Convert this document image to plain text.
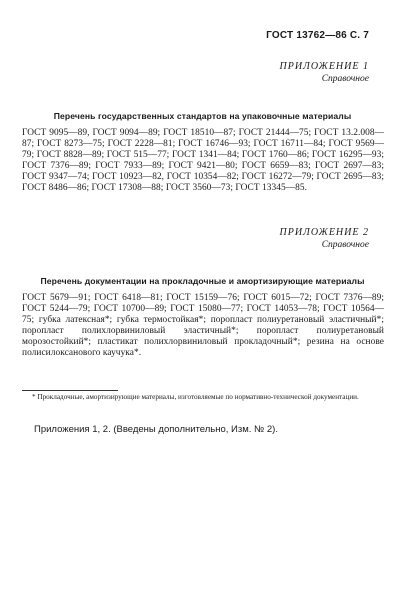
ГОСТ 13762—86 С. 7
ПРИЛОЖЕНИЕ 1
Справочное
Перечень государственных стандартов на упаковочные материалы
ГОСТ 9095—89, ГОСТ 9094—89; ГОСТ 18510—87; ГОСТ 21444—75; ГОСТ 13.2.008—87; ГОСТ 8273—75; ГОСТ 2228—81; ГОСТ 16746—93; ГОСТ 16711—84; ГОСТ 9569—79; ГОСТ 8828—89; ГОСТ 515—77; ГОСТ 1341—84; ГОСТ 1760—86; ГОСТ 16295—93; ГОСТ 7376—89; ГОСТ 7933—89; ГОСТ 9421—80; ГОСТ 6659—83; ГОСТ 2697—83; ГОСТ 9347—74; ГОСТ 10923—82, ГОСТ 10354—82; ГОСТ 16272—79; ГОСТ 2695—83; ГОСТ 8486—86; ГОСТ 17308—88; ГОСТ 3560—73; ГОСТ 13345—85.
ПРИЛОЖЕНИЕ 2
Справочное
Перечень документации на прокладочные и амортизирующие материалы
ГОСТ 5679—91; ГОСТ 6418—81; ГОСТ 15159—76; ГОСТ 6015—72; ГОСТ 7376—89; ГОСТ 5244—79; ГОСТ 10700—89; ГОСТ 15080—77; ГОСТ 14053—78; ГОСТ 10564—75; губка латексная*; губка термостойкая*; поропласт полиуретановый эластичный*; поропласт полихлорвиниловый эластичный*; поропласт полиуретановый морозостойкий*; пластикат полихлорвиниловый прокладочный*; резина на основе полисилоксанового каучука*.
* Прокладочные, амортизирующие материалы, изготовляемые по нормативно-технической документации.
Приложения 1, 2. (Введены дополнительно, Изм. № 2).
